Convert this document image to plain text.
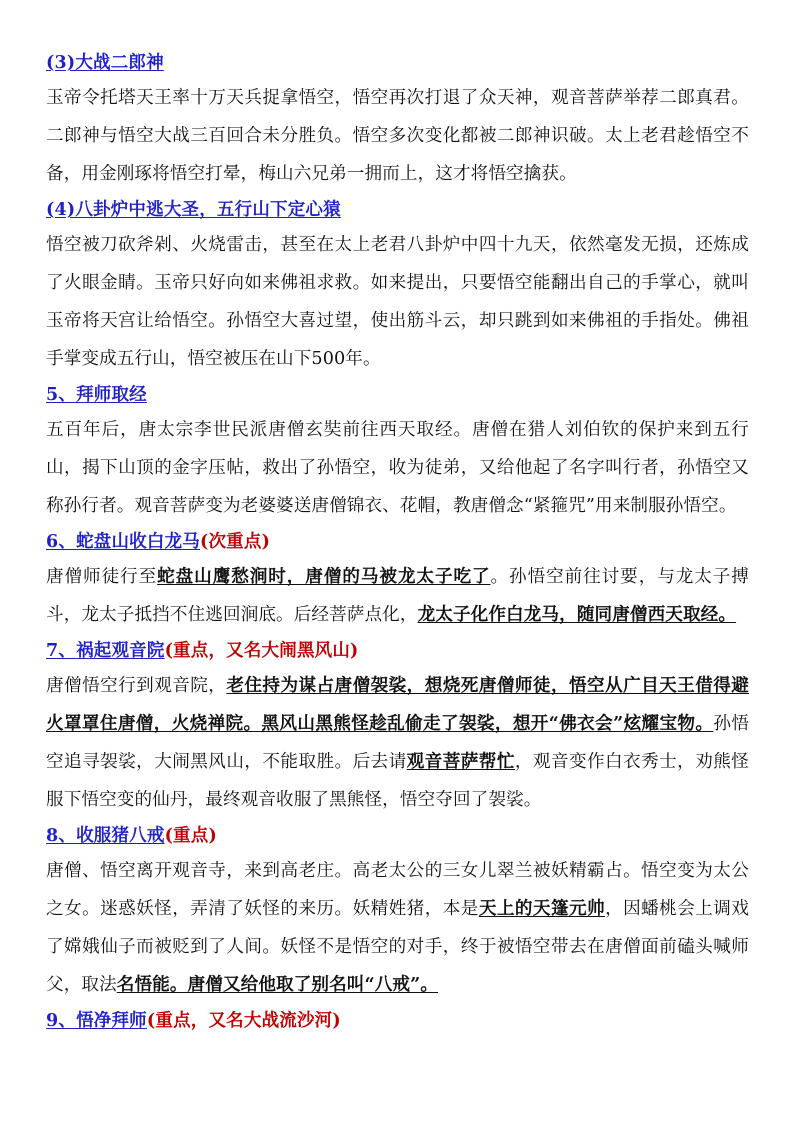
(3)大战二郎神

玉帝令托塔天王率十万天兵捉拿悟空，悟空再次打退了众天神，观音菩萨举荐二郎真君。二郎神与悟空大战三百回合未分胜负。悟空多次变化都被二郎神识破。太上老君趁悟空不备，用金刚琢将悟空打晕，梅山六兄弟一拥而上，这才将悟空擒获。

(4)八卦炉中逃大圣，五行山下定心猿

悟空被刀砍斧剁、火烧雷击，甚至在太上老君八卦炉中四十九天，依然毫发无损，还炼成了火眼金睛。玉帝只好向如来佛祖求救。如来提出，只要悟空能翻出自己的手掌心，就叫玉帝将天宫让给悟空。孙悟空大喜过望，使出筋斗云，却只跳到如来佛祖的手指处。佛祖手掌变成五行山，悟空被压在山下500年。

5、拜师取经

五百年后，唐太宗李世民派唐僧玄奘前往西天取经。唐僧在猎人刘伯钦的保护来到五行山，揭下山顶的金字压帖，救出了孙悟空，收为徒弟，又给他起了名字叫行者，孙悟空又称孙行者。观音菩萨变为老婆婆送唐僧锦衣、花帽，教唐僧念“紧箍咒”用来制服孙悟空。

6、蛇盘山收白龙马(次重点)

唐僧师徒行至蛇盘山鹰愁涧时，唐僧的马被龙太子吃了。孙悟空前往讨要，与龙太子搏斗，龙太子抵挡不住逃回涧底。后经菩萨点化，龙太子化作白龙马，随同唐僧西天取经。

7、祸起观音院(重点，又名大闹黑风山)

唐僧悟空行到观音院，老住持为谋占唐僧袈裟，想烧死唐僧师徒，悟空从广目天王借得避火罩罩住唐僧，火烧禅院。黑风山黑熊怪趁乱偷走了袈裟，想开“佛衣会”炫耀宝物。孙悟空追寻袈裟，大闹黑风山，不能取胜。后去请观音菩萨帮忙，观音变作白衣秀士，劝熊怪服下悟空变的仙丹，最终观音收服了黑熊怪，悟空夺回了袈裟。

8、收服猪八戒(重点)

唐僧、悟空离开观音寺，来到高老庄。高老太公的三女儿翠兰被妖精霸占。悟空变为太公之女。迷惑妖怪，弄清了妖怪的来历。妖精姓猪，本是天上的天篷元帅，因蟠桃会上调戏了嫦娥仙子而被贬到了人间。妖怪不是悟空的对手，终于被悟空带去在唐僧面前磕头喊师父，取法名悟能。唐僧又给他取了别名叫“八戒”。

9、悟净拜师(重点，又名大战流沙河)
